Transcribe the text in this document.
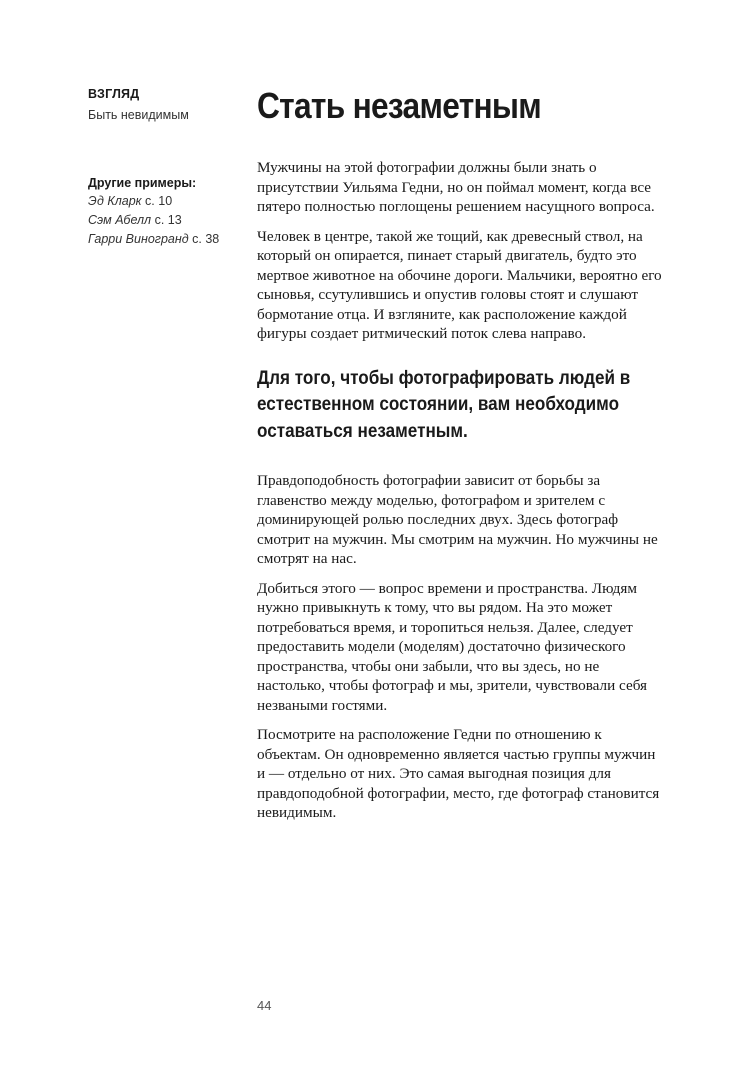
ВЗГЛЯД

Быть невидимым

Другие примеры:

Эд Кларк с. 10
Сэм Абелл с. 13
Гарри Виногранд с. 38
Стать незаметным

Мужчины на этой фотографии должны были знать о присутствии Уильяма Гедни, но он поймал момент, когда все пятеро полностью поглощены решением насущного вопроса.

Человек в центре, такой же тощий, как древесный ствол, на который он опирается, пинает старый двигатель, будто это мертвое животное на обочине дороги. Мальчики, вероятно его сыновья, ссутулившись и опустив головы стоят и слушают бормотание отца. И взгляните, как расположение каждой фигуры создает ритмический поток слева направо.

Для того, чтобы фотографировать людей в естественном состоянии, вам необходимо оставаться незаметным.

Правдоподобность фотографии зависит от борьбы за главенство между моделью, фотографом и зрителем с доминирующей ролью последних двух. Здесь фотограф смотрит на мужчин. Мы смотрим на мужчин. Но мужчины не смотрят на нас.

Добиться этого — вопрос времени и пространства. Людям нужно привыкнуть к тому, что вы рядом. На это может потребоваться время, и торопиться нельзя. Далее, следует предоставить модели (моделям) достаточно физического пространства, чтобы они забыли, что вы здесь, но не настолько, чтобы фотограф и мы, зрители, чувствовали себя незваными гостями.

Посмотрите на расположение Гедни по отношению к объектам. Он одновременно является частью группы мужчин и — отдельно от них. Это самая выгодная позиция для правдоподобной фотографии, место, где фотограф становится невидимым.

44
